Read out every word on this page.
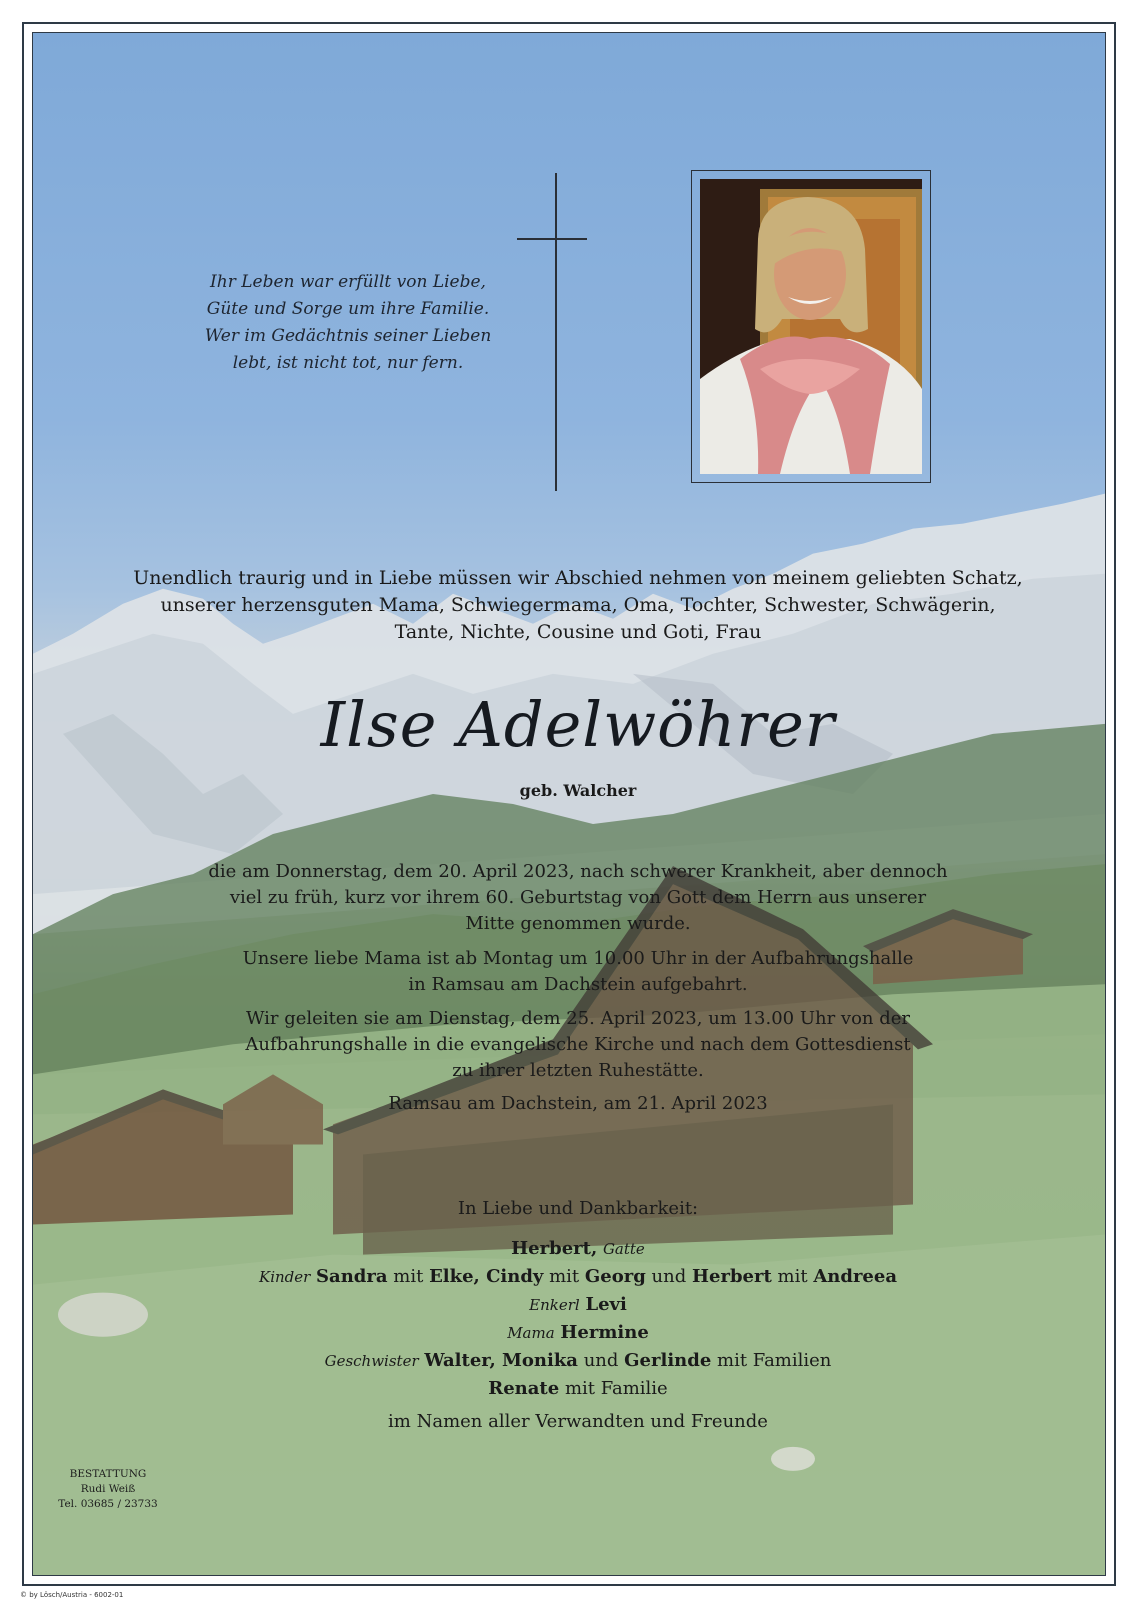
Ihr Leben war erfüllt von Liebe,
Güte und Sorge um ihre Familie.
Wer im Gedächtnis seiner Lieben
lebt, ist nicht tot, nur fern.
Unendlich traurig und in Liebe müssen wir Abschied nehmen von meinem geliebten Schatz,
unserer herzensguten Mama, Schwiegermama, Oma, Tochter, Schwester, Schwägerin,
Tante, Nichte, Cousine und Goti, Frau
Ilse Adelwöhrer
geb. Walcher
die am Donnerstag, dem 20. April 2023, nach schwerer Krankheit, aber dennoch
viel zu früh, kurz vor ihrem 60. Geburtstag von Gott dem Herrn aus unserer
Mitte genommen wurde.
Unsere liebe Mama ist ab Montag um 10.00 Uhr in der Aufbahrungshalle
in Ramsau am Dachstein aufgebahrt.
Wir geleiten sie am Dienstag, dem 25. April 2023, um 13.00 Uhr von der
Aufbahrungshalle in die evangelische Kirche und nach dem Gottesdienst
zu ihrer letzten Ruhestätte.
Ramsau am Dachstein, am 21. April 2023
In Liebe und Dankbarkeit:
Herbert, Gatte
Kinder Sandra mit Elke, Cindy mit Georg und Herbert mit Andreea
Enkerl Levi
Mama Hermine
Geschwister Walter, Monika und Gerlinde mit Familien
Renate mit Familie
im Namen aller Verwandten und Freunde
BESTATTUNG
Rudi Weiß
Tel. 03685 / 23733
© by Lösch/Austria - 6002-01
